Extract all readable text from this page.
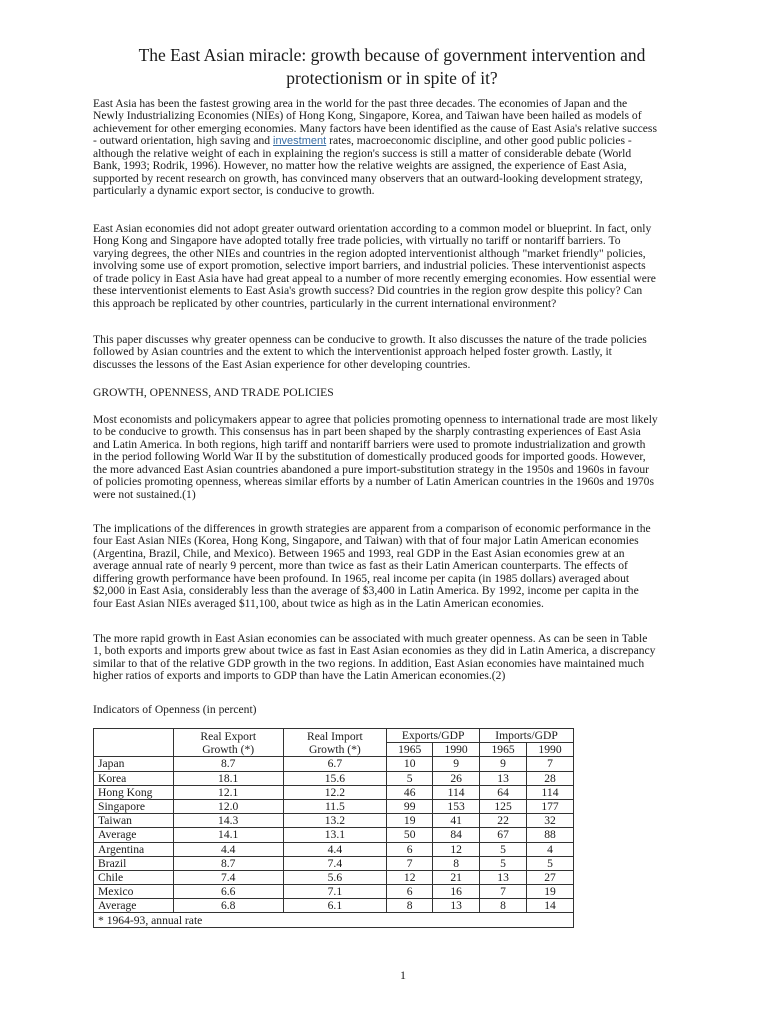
The East Asian miracle: growth because of government intervention and
protectionism or in spite of it?
East Asia has been the fastest growing area in the world for the past three decades. The economies of Japan and the
Newly Industrializing Economies (NIEs) of Hong Kong, Singapore, Korea, and Taiwan have been hailed as models of
achievement for other emerging economies. Many factors have been identified as the cause of East Asia's relative success
- outward orientation, high saving and investment rates, macroeconomic discipline, and other good public policies -
although the relative weight of each in explaining the region's success is still a matter of considerable debate (World
Bank, 1993; Rodrik, 1996). However, no matter how the relative weights are assigned, the experience of East Asia,
supported by recent research on growth, has convinced many observers that an outward-looking development strategy,
particularly a dynamic export sector, is conducive to growth.
East Asian economies did not adopt greater outward orientation according to a common model or blueprint. In fact, only
Hong Kong and Singapore have adopted totally free trade policies, with virtually no tariff or nontariff barriers. To
varying degrees, the other NIEs and countries in the region adopted interventionist although "market friendly" policies,
involving some use of export promotion, selective import barriers, and industrial policies. These interventionist aspects
of trade policy in East Asia have had great appeal to a number of more recently emerging economies. How essential were
these interventionist elements to East Asia's growth success? Did countries in the region grow despite this policy? Can
this approach be replicated by other countries, particularly in the current international environment?
This paper discusses why greater openness can be conducive to growth. It also discusses the nature of the trade policies
followed by Asian countries and the extent to which the interventionist approach helped foster growth. Lastly, it
discusses the lessons of the East Asian experience for other developing countries.
GROWTH, OPENNESS, AND TRADE POLICIES
Most economists and policymakers appear to agree that policies promoting openness to international trade are most likely
to be conducive to growth. This consensus has in part been shaped by the sharply contrasting experiences of East Asia
and Latin America. In both regions, high tariff and nontariff barriers were used to promote industrialization and growth
in the period following World War II by the substitution of domestically produced goods for imported goods. However,
the more advanced East Asian countries abandoned a pure import-substitution strategy in the 1950s and 1960s in favour
of policies promoting openness, whereas similar efforts by a number of Latin American countries in the 1960s and 1970s
were not sustained.(1)
The implications of the differences in growth strategies are apparent from a comparison of economic performance in the
four East Asian NIEs (Korea, Hong Kong, Singapore, and Taiwan) with that of four major Latin American economies
(Argentina, Brazil, Chile, and Mexico). Between 1965 and 1993, real GDP in the East Asian economies grew at an
average annual rate of nearly 9 percent, more than twice as fast as their Latin American counterparts. The effects of
differing growth performance have been profound. In 1965, real income per capita (in 1985 dollars) averaged about
$2,000 in East Asia, considerably less than the average of $3,400 in Latin America. By 1992, income per capita in the
four East Asian NIEs averaged $11,100, about twice as high as in the Latin American economies.
The more rapid growth in East Asian economies can be associated with much greater openness. As can be seen in Table
1, both exports and imports grew about twice as fast in East Asian economies as they did in Latin America, a discrepancy
similar to that of the relative GDP growth in the two regions. In addition, East Asian economies have maintained much
higher ratios of exports and imports to GDP than have the Latin American economies.(2)
Indicators of Openness (in percent)

	Real Export
Growth (*)	Real Import
Growth (*)	Exports/GDP		Imports/GDP	
			1965	1990	1965	1990
Japan	8.7	6.7	10	9	9	7
Korea	18.1	15.6	5	26	13	28
Hong Kong	12.1	12.2	46	114	64	114
Singapore	12.0	11.5	99	153	125	177
Taiwan	14.3	13.2	19	41	22	32
Average	14.1	13.1	50	84	67	88
Argentina	4.4	4.4	6	12	5	4
Brazil	8.7	7.4	7	8	5	5
Chile	7.4	5.6	12	21	13	27
Mexico	6.6	7.1	6	16	7	19
Average	6.8	6.1	8	13	8	14
* 1964-93, annual rate						
1
